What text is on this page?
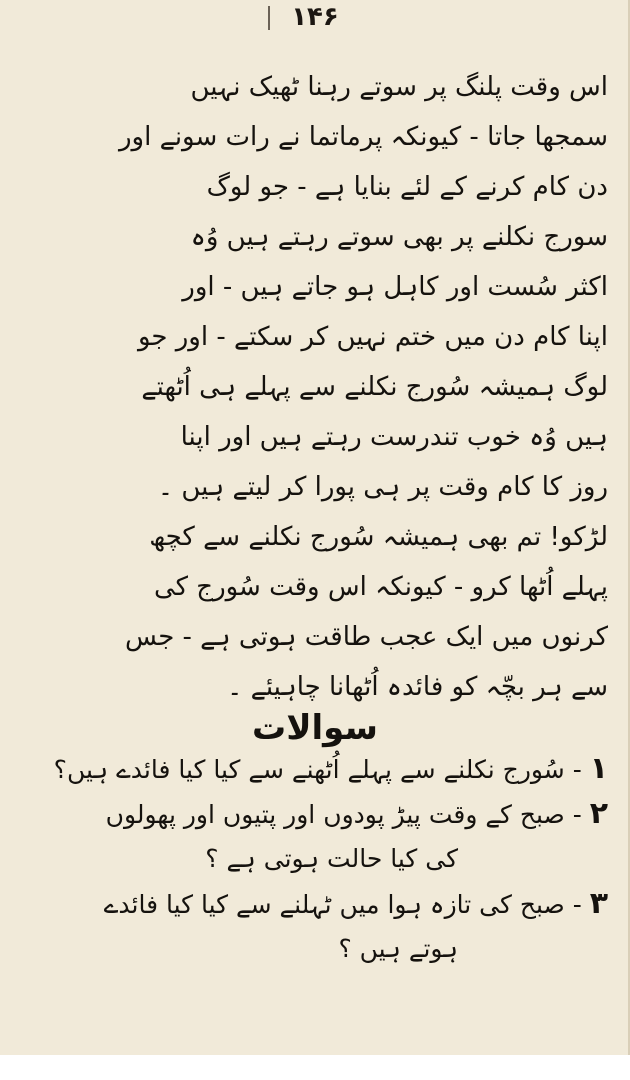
۱۴۶
اس وقت پلنگ پر سوتے رہنا ٹھیک نہیں
سمجھا جاتا - کیونکہ پرماتما نے رات سونے اور
دن کام کرنے کے لئے بنایا ہے - جو لوگ
سورج نکلنے پر بھی سوتے رہتے ہیں وُہ
اکثر سُست اور کاہل ہو جاتے ہیں - اور
اپنا کام دن میں ختم نہیں کر سکتے - اور جو
لوگ ہمیشہ سُورج نکلنے سے پہلے ہی اُٹھتے
ہیں وُہ خوب تندرست رہتے ہیں اور اپنا
روز کا کام وقت پر ہی پورا کر لیتے ہیں ۔
لڑکو! تم بھی ہمیشہ سُورج نکلنے سے کچھ
پہلے اُٹھا کرو - کیونکہ اس وقت سُورج کی
کرنوں میں ایک عجب طاقت ہوتی ہے - جس
سے ہر بچّہ کو فائدہ اُٹھانا چاہیئے ۔
سوالات
۱ - سُورج نکلنے سے پہلے اُٹھنے سے کیا کیا فائدے ہیں؟
۲ - صبح کے وقت پیڑ پودوں اور پتیوں اور پھولوں
کی کیا حالت ہوتی ہے ؟
۳ - صبح کی تازہ ہوا میں ٹہلنے سے کیا کیا فائدے
ہوتے ہیں ؟
